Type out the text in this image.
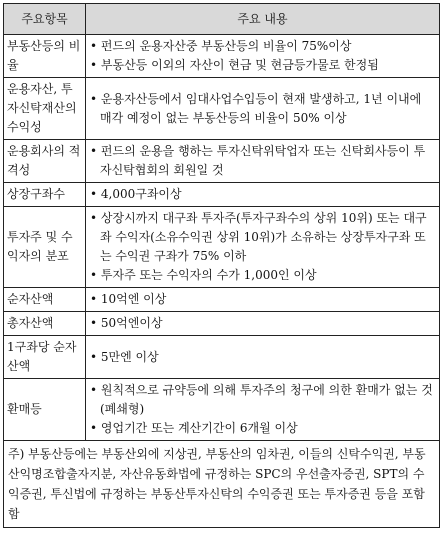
주요항목	주요 내용
부동산등의 비율	• 펀드의 운용자산중 부동산등의 비율이 75%이상
• 부동산등 이외의 자산이 현금 및 현금등가물로 한정됨

운용자산, 투자신탁재산의 수익성	• 운용자산등에서 임대사업수입등이 현재 발생하고, 1년 이내에 매각 예정이 없는 부동산등의 비율이 50% 이상

운용회사의 적격성	• 펀드의 운용을 행하는 투자신탁위탁업자 또는 신탁회사등이 투자신탁협회의 회원일 것

상장구좌수	• 4,000구좌이상

투자주 및 수익자의 분포	• 상장시까지 대구좌 투자주(투자구좌수의 상위 10위) 또는 대구좌 수익자(소유수익권 상위 10위)가 소유하는 상장투자구좌 또는 수익권 구좌가 75% 이하
• 투자주 또는 수익자의 수가 1,000인 이상

순자산액	• 10억엔 이상

총자산액	• 50억엔이상

1구좌당 순자산액	• 5만엔 이상

환매등	• 원칙적으로 규약등에 의해 투자주의 청구에 의한 환매가 없는 것(폐쇄형)
• 영업기간 또는 계산기간이 6개월 이상

주) 부동산등에는 부동산외에 지상권, 부동산의 임차권, 이들의 신탁수익권, 부동산익명조합출자지분, 자산유동화법에 규정하는 SPC의 우선출자증권, SPT의 수익증권, 투신법에 규정하는 부동산투자신탁의 수익증권 또는 투자증권 등을 포함함	
